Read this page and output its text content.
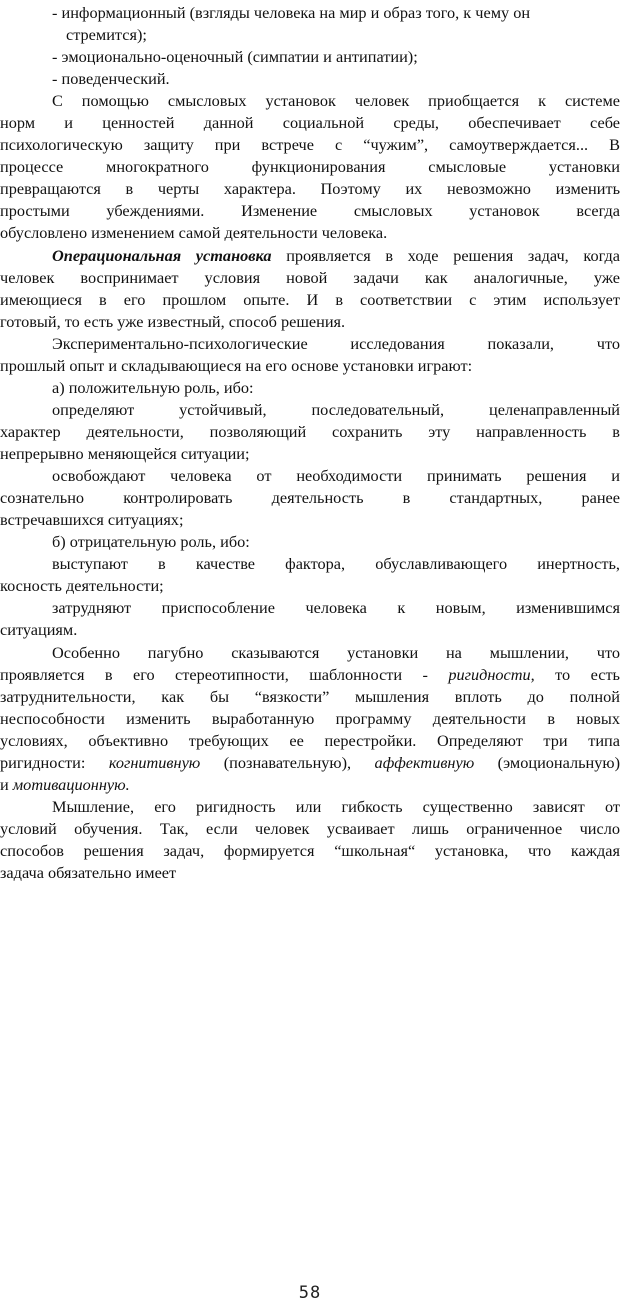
- информационный (взгляды человека на мир и образ того, к чему он
стремится);
- эмоционально-оценочный (симпатии и антипатии);
- поведенческий.
С помощью смысловых установок человек приобщается к системе
норм и ценностей данной социальной среды, обеспечивает себе
психологическую защиту при встрече с “чужим”, самоутверждается... В
процессе многократного функционирования смысловые установки
превращаются в черты характера. Поэтому их невозможно изменить
простыми убеждениями. Изменение смысловых установок всегда
обусловлено изменением самой деятельности человека.
Операциональная установка проявляется в ходе решения задач, когда
человек воспринимает условия новой задачи как аналогичные, уже
имеющиеся в его прошлом опыте. И в соответствии с этим использует
готовый, то есть уже известный, способ решения.
Экспериментально-психологические исследования показали, что
прошлый опыт и складывающиеся на его основе установки играют:
а) положительную роль, ибо:
определяют устойчивый, последовательный, целенаправленный
характер деятельности, позволяющий сохранить эту направленность в
непрерывно меняющейся ситуации;
освобождают человека от необходимости принимать решения и
сознательно контролировать деятельность в стандартных, ранее
встречавшихся ситуациях;
б) отрицательную роль, ибо:
выступают в качестве фактора, обуславливающего инертность,
косность деятельности;
затрудняют приспособление человека к новым, изменившимся
ситуациям.
Особенно пагубно сказываются установки на мышлении, что
проявляется в его стереотипности, шаблонности - ригидности, то есть
затруднительности, как бы “вязкости” мышления вплоть до полной
неспособности изменить выработанную программу деятельности в новых
условиях, объективно требующих ее перестройки. Определяют три типа
ригидности: когнитивную (познавательную), аффективную (эмоциональную)
и мотивационную.
Мышление, его ригидность или гибкость существенно зависят от
условий обучения. Так, если человек усваивает лишь ограниченное число
способов решения задач, формируется “школьная“ установка, что каждая
задача обязательно имеет
58
